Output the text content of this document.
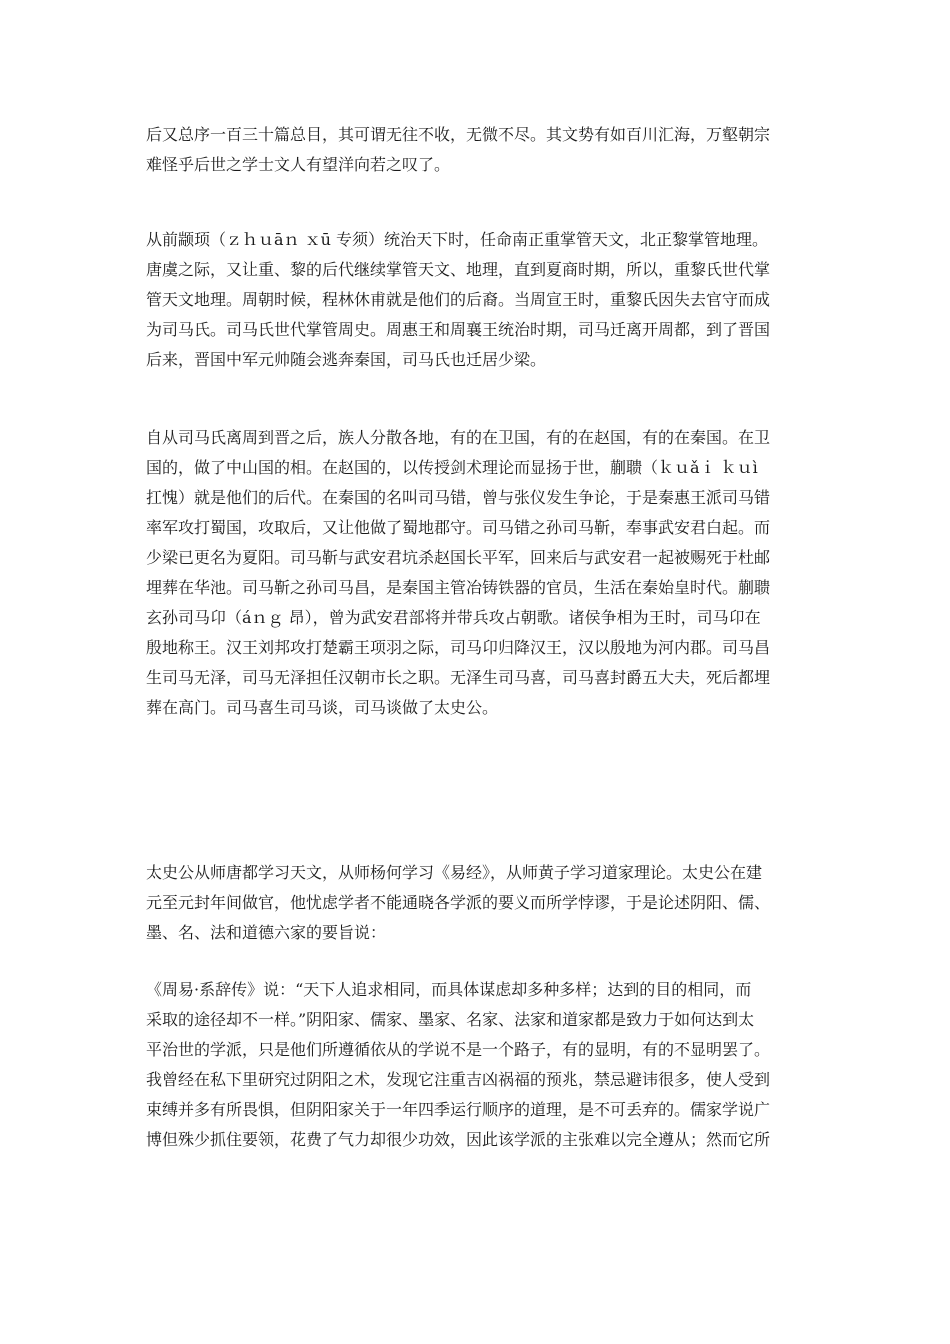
后又总序一百三十篇总目，其可谓无往不收，无微不尽。其文势有如百川汇海，万壑朝宗
难怪乎后世之学士文人有望洋向若之叹了。
从前颛顼（ｚｈｕāｎ ｘū 专须）统治天下时，任命南正重掌管天文，北正黎掌管地理。
唐虞之际，又让重、黎的后代继续掌管天文、地理，直到夏商时期，所以，重黎氏世代掌
管天文地理。周朝时候，程林休甫就是他们的后裔。当周宣王时，重黎氏因失去官守而成
为司马氏。司马氏世代掌管周史。周惠王和周襄王统治时期，司马迁离开周都，到了晋国
后来，晋国中军元帅随会逃奔秦国，司马氏也迁居少梁。
自从司马氏离周到晋之后，族人分散各地，有的在卫国，有的在赵国，有的在秦国。在卫
国的，做了中山国的相。在赵国的，以传授剑术理论而显扬于世，蒯聩（ｋｕǎｉ ｋｕì
扛愧）就是他们的后代。在秦国的名叫司马错，曾与张仪发生争论，于是秦惠王派司马错
率军攻打蜀国，攻取后，又让他做了蜀地郡守。司马错之孙司马靳，奉事武安君白起。而
少梁已更名为夏阳。司马靳与武安君坑杀赵国长平军，回来后与武安君一起被赐死于杜邮
埋葬在华池。司马靳之孙司马昌，是秦国主管冶铸铁器的官员，生活在秦始皇时代。蒯聩
玄孙司马卬（áｎｇ 昂），曾为武安君部将并带兵攻占朝歌。诸侯争相为王时，司马卬在
殷地称王。汉王刘邦攻打楚霸王项羽之际，司马卬归降汉王，汉以殷地为河内郡。司马昌
生司马无泽，司马无泽担任汉朝市长之职。无泽生司马喜，司马喜封爵五大夫，死后都埋
葬在高门。司马喜生司马谈，司马谈做了太史公。
太史公从师唐都学习天文，从师杨何学习《易经》，从师黄子学习道家理论。太史公在建
元至元封年间做官，他忧虑学者不能通晓各学派的要义而所学悖谬，于是论述阴阳、儒、
墨、名、法和道德六家的要旨说：
《周易·系辞传》说：“天下人追求相同，而具体谋虑却多种多样；达到的目的相同，而
采取的途径却不一样。”阴阳家、儒家、墨家、名家、法家和道家都是致力于如何达到太
平治世的学派，只是他们所遵循依从的学说不是一个路子，有的显明，有的不显明罢了。
我曾经在私下里研究过阴阳之术，发现它注重吉凶祸福的预兆，禁忌避讳很多，使人受到
束缚并多有所畏惧，但阴阳家关于一年四季运行顺序的道理，是不可丢弃的。儒家学说广
博但殊少抓住要领，花费了气力却很少功效，因此该学派的主张难以完全遵从；然而它所
